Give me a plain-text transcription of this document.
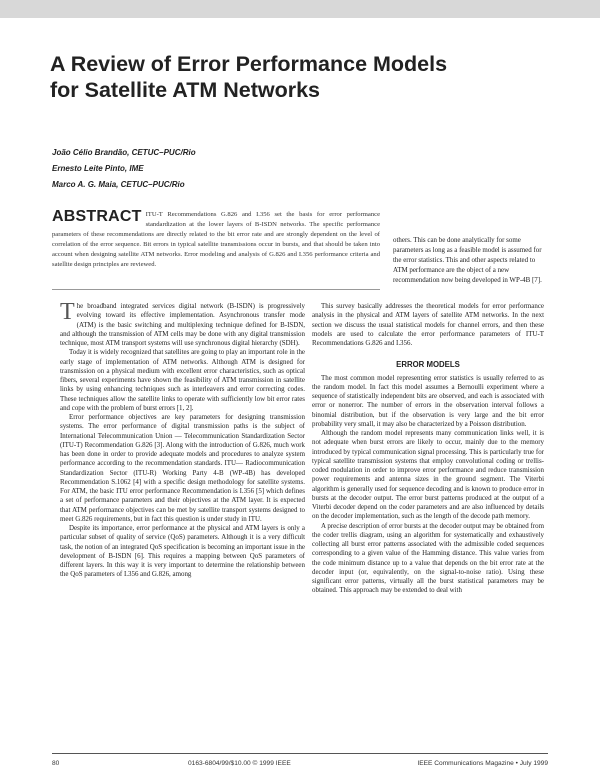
A Review of Error Performance Models for Satellite ATM Networks
João Célio Brandão, CETUC–PUC/Rio
Ernesto Leite Pinto, IME
Marco A. G. Maia, CETUC–PUC/Rio
ABSTRACT ITU-T Recommendations G.826 and I.356 set the basis for error performance standardization at the lower layers of B-ISDN networks. The specific performance parameters of these recommendations are directly related to the bit error rate and are strongly dependent on the level of correlation of the error sequence. Bit errors in typical satellite transmissions occur in bursts, and that should be taken into account when designing satellite ATM networks. Error modeling and analysis of G.826 and I.356 performance criteria and satellite design principles are reviewed.
others. This can be done analytically for some parameters as long as a feasible model is assumed for the error statistics. This and other aspects related to ATM performance are the object of a new recommendation now being developed in WP-4B [7].

The broadband integrated services digital network (B-ISDN) is progressively evolving toward its effective implementation. Asynchronous transfer mode (ATM) is the basic switching and multiplexing technique defined for B-ISDN, and although the transmission of ATM cells may be done with any digital transmission technique, most ATM transport systems will use synchronous digital hierarchy (SDH).

Today it is widely recognized that satellites are going to play an important role in the early stage of implementation of ATM networks. Although ATM is designed for transmission on a physical medium with excellent error characteristics, such as optical fibers, several experiments have shown the feasibility of ATM transmission in satellite links by using enhancing techniques such as interleavers and error correcting codes. These techniques allow the satellite links to operate with sufficiently low bit error rates and cope with the problem of burst errors [1, 2].

Error performance objectives are key parameters for designing transmission systems. The error performance of digital transmission paths is the subject of International Telecommunication Union — Telecommunication Standardization Sector (ITU-T) Recommendation G.826 [3]. Along with the introduction of G.826, much work has been done in order to provide adequate models and procedures to analyze system performance according to the recommendation standards. ITU— Radiocommunication Standardization Sector (ITU-R) Working Party 4-B (WP-4B) has developed Recommendation S.1062 [4] with a specific design methodology for satellite systems. For ATM, the basic ITU error performance Recommendation is I.356 [5] which defines a set of performance parameters and their objectives at the ATM layer. It is expected that ATM performance objectives can be met by satellite transport systems designed to meet G.826 requirements, but in fact this question is under study in ITU.

Despite its importance, error performance at the physical and ATM layers is only a particular subset of quality of service (QoS) parameters. Although it is a very difficult task, the notion of an integrated QoS specification is becoming an important issue in the development of B-ISDN [6]. This requires a mapping between QoS parameters of different layers. In this way it is very important to determine the relationship between the QoS parameters of I.356 and G.826, among

This survey basically addresses the theoretical models for error performance analysis in the physical and ATM layers of satellite ATM networks. In the next section we discuss the usual statistical models for channel errors, and then these models are used to calculate the error performance parameters of ITU-T Recommendations G.826 and I.356.

ERROR MODELS

The most common model representing error statistics is usually referred to as the random model. In fact this model assumes a Bernoulli experiment where a sequence of statistically independent bits are observed, and each is associated with error or nonerror. The number of errors in the observation interval follows a binomial distribution, but if the observation is very large and the bit error probability very small, it may also be characterized by a Poisson distribution.

Although the random model represents many communication links well, it is not adequate when burst errors are likely to occur, mainly due to the memory introduced by typical communication signal processing. This is particularly true for typical satellite transmission systems that employ convolutional coding or trellis-coded modulation in order to improve error performance and reduce transmission power requirements and antenna sizes in the ground segment. The Viterbi algorithm is generally used for sequence decoding and is known to produce error in bursts at the decoder output. The error burst patterns produced at the output of a Viterbi decoder depend on the coder parameters and are also influenced by details on the decoder implementation, such as the length of the decode path memory.

A precise description of error bursts at the decoder output may be obtained from the coder trellis diagram, using an algorithm for systematically and exhaustively collecting all burst error patterns associated with the admissible coded sequences corresponding to a given value of the Hamming distance. This value varies from the code minimum distance up to a value that depends on the bit error rate at the decoder input (or, equivalently, on the signal-to-noise ratio). Using these significant error patterns, virtually all the burst statistical parameters may be obtained. This approach may be extended to deal with

80	0163-6804/99/$10.00 © 1999 IEEE	IEEE Communications Magazine • July 1999
